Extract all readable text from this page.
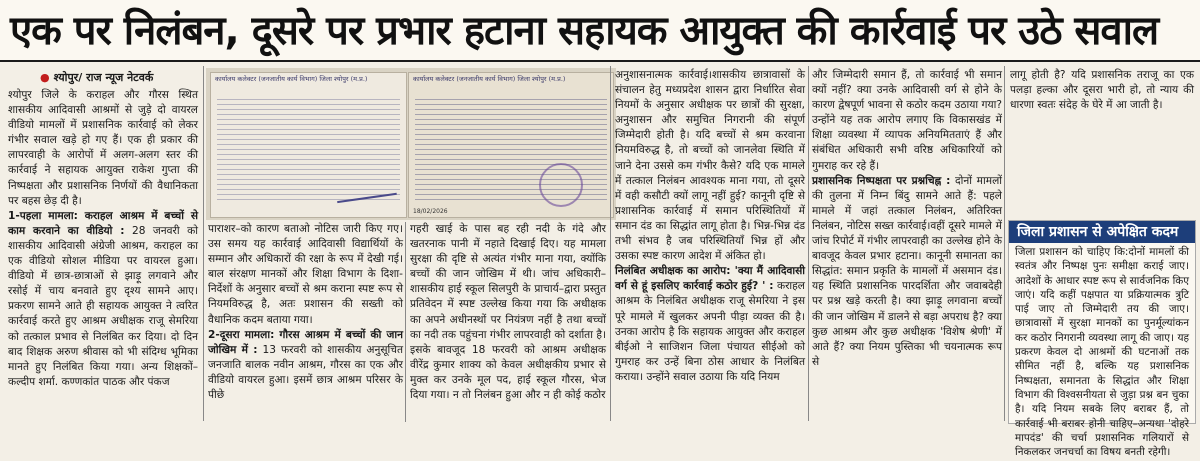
एक पर निलंबन, दूसरे पर प्रभार हटाना सहायक आयुक्त की कार्रवाई पर उठे सवाल
● श्योपुर/ राज न्यूज नेटवर्क

श्योपुर जिले के कराहल और गौरस स्थित शासकीय आदिवासी आश्रमों से जुड़े दो वायरल वीडियो मामलों में प्रशासनिक कार्रवाई को लेकर गंभीर सवाल खड़े हो गए हैं। एक ही प्रकार की लापरवाही के आरोपों में अलग-अलग स्तर की कार्रवाई ने सहायक आयुक्त राकेश गुप्ता की निष्पक्षता और प्रशासनिक निर्णयों की वैधानिकता पर बहस छेड़ दी है।

1-पहला मामला: कराहल आश्रम में बच्चों से काम करवाने का वीडियो : 28 जनवरी को शासकीय आदिवासी अंग्रेजी आश्रम, कराहल का एक वीडियो सोशल मीडिया पर वायरल हुआ। वीडियो में छात्र-छात्राओं से झाड़ू लगवाने और रसोई में चाय बनवाते हुए दृश्य सामने आए। प्रकरण सामने आते ही सहायक आयुक्त ने त्वरित कार्रवाई करते हुए आश्रम अधीक्षक राजू सेमरिया को तत्काल प्रभाव से निलंबित कर दिया। दो दिन बाद शिक्षक अरुण श्रीवास को भी संदिग्ध भूमिका मानते हुए निलंबित किया गया। अन्य शिक्षकों–कल्दीप शर्मा. कण्णकांत पाठक और पंकज

कार्यालय कलेक्टर (जनजातीय कार्य विभाग) जिला श्योपुर (म.प्र.)	कार्यालय कलेक्टर (जनजातीय कार्य विभाग) जिला श्योपुर (म.प्र.)
18/02/2026

पाराशर–को कारण बताओ नोटिस जारी किए गए। उस समय यह कार्रवाई आदिवासी विद्यार्थियों के सम्मान और अधिकारों की रक्षा के रूप में देखी गई। बाल संरक्षण मानकों और शिक्षा विभाग के दिशा-निर्देशों के अनुसार बच्चों से श्रम कराना स्पष्ट रूप से नियमविरुद्ध है, अतः प्रशासन की सख्ती को वैधानिक कदम बताया गया।

2-दूसरा मामला: गौरस आश्रम में बच्चों की जान जोखिम में : 13 फरवरी को शासकीय अनुसूचित जनजाति बालक नवीन आश्रम, गौरस का एक और वीडियो वायरल हुआ। इसमें छात्र आश्रम परिसर के पीछे

गहरी खाई के पास बह रही नदी के गंदे और खतरनाक पानी में नहाते दिखाई दिए। यह मामला सुरक्षा की दृष्टि से अत्यंत गंभीर माना गया, क्योंकि बच्चों की जान जोखिम में थी। जांच अधिकारी–शासकीय हाई स्कूल सिलपुरी के प्राचार्य–द्वारा प्रस्तुत प्रतिवेदन में स्पष्ट उल्लेख किया गया कि अधीक्षक का अपने अधीनस्थों पर नियंत्रण नहीं है तथा बच्चों का नदी तक पहुंचना गंभीर लापरवाही को दर्शाता है। इसके बावजूद 18 फरवरी को आश्रम अधीक्षक वीरेंद्र कुमार शाक्य को केवल अधीक्षकीय प्रभार से मुक्त कर उनके मूल पद, हाई स्कूल गौरस, भेज दिया गया। न तो निलंबन हुआ और न ही कोई कठोर

अनुशासनात्मक कार्रवाई।शासकीय छात्रावासों के संचालन हेतु मध्यप्रदेश शासन द्वारा निर्धारित सेवा नियमों के अनुसार अधीक्षक पर छात्रों की सुरक्षा, अनुशासन और समुचित निगरानी की संपूर्ण जिम्मेदारी होती है। यदि बच्चों से श्रम करवाना नियमविरुद्ध है, तो बच्चों को जानलेवा स्थिति में जाने देना उससे कम गंभीर कैसे? यदि एक मामले में तत्काल निलंबन आवश्यक माना गया, तो दूसरे में वही कसौटी क्यों लागू नहीं हुई? कानूनी दृष्टि से प्रशासनिक कार्रवाई में समान परिस्थितियों में समान दंड का सिद्धांत लागू होता है। भिन्न-भिन्न दंड तभी संभव है जब परिस्थितियाँ भिन्न हों और उसका स्पष्ट कारण आदेश में अंकित हो।

निलंबित अधीक्षक का आरोप: 'क्या मैं आदिवासी वर्ग से हूं इसलिए कार्रवाई कठोर हुई? ' : कराहल आश्रम के निलंबित अधीक्षक राजू सेमरिया ने इस पूरे मामले में खुलकर अपनी पीड़ा व्यक्त की है। उनका आरोप है कि सहायक आयुक्त और कराहल बीईओ ने साजिशन जिला पंचायत सीईओ को गुमराह कर उन्हें बिना ठोस आधार के निलंबित कराया। उन्होंने सवाल उठाया कि यदि नियम

और जिम्मेदारी समान हैं, तो कार्रवाई भी समान क्यों नहीं? क्या उनके आदिवासी वर्ग से होने के कारण द्वेषपूर्ण भावना से कठोर कदम उठाया गया? उन्होंने यह तक आरोप लगाए कि विकासखंड में शिक्षा व्यवस्था में व्यापक अनियमितताएं हैं और संबंधित अधिकारी सभी वरिष्ठ अधिकारियों को गुमराह कर रहे हैं।

प्रशासनिक निष्पक्षता पर प्रश्नचिह्न : दोनों मामलों की तुलना में निम्न बिंदु सामने आते हैं: पहले मामले में जहां तत्काल निलंबन, अतिरिक्त निलंबन, नोटिस सख्त कार्रवाई।वहीं दूसरे मामले में जांच रिपोर्ट में गंभीर लापरवाही का उल्लेख होने के बावजूद केवल प्रभार हटाना। कानूनी समानता का सिद्धांत: समान प्रकृति के मामलों में असमान दंड। यह स्थिति प्रशासनिक पारदर्शिता और जवाबदेही पर प्रश्न खड़े करती है। क्या झाड़ू लगवाना बच्चों की जान जोखिम में डालने से बड़ा अपराध है? क्या कुछ आश्रम और कुछ अधीक्षक 'विशेष श्रेणी' में आते हैं? क्या नियम पुस्तिका भी चयनात्मक रूप से

लागू होती है? यदि प्रशासनिक तराजू का एक पलड़ा हल्का और दूसरा भारी हो, तो न्याय की धारणा स्वतः संदेह के घेरे में आ जाती है।

जिला प्रशासन से अपेक्षित कदम
जिला प्रशासन को चाहिए कि:दोनों मामलों की स्वतंत्र और निष्पक्ष पुनः समीक्षा कराई जाए। आदेशों के आधार स्पष्ट रूप से सार्वजनिक किए जाएं। यदि कहीं पक्षपात या प्रक्रियात्मक त्रुटि पाई जाए तो जिम्मेदारी तय की जाए। छात्रावासों में सुरक्षा मानकों का पुनर्मूल्यांकन कर कठोर निगरानी व्यवस्था लागू की जाए। यह प्रकरण केवल दो आश्रमों की घटनाओं तक सीमित नहीं है, बल्कि यह प्रशासनिक निष्पक्षता, समानता के सिद्धांत और शिक्षा विभाग की विश्वसनीयता से जुड़ा प्रश्न बन चुका है। यदि नियम सबके लिए बराबर हैं, तो कार्रवाई भी बराबर होनी चाहिए–अन्यथा 'दोहरे मापदंड' की चर्चा प्रशासनिक गलियारों से निकलकर जनचर्चा का विषय बनती रहेगी।
